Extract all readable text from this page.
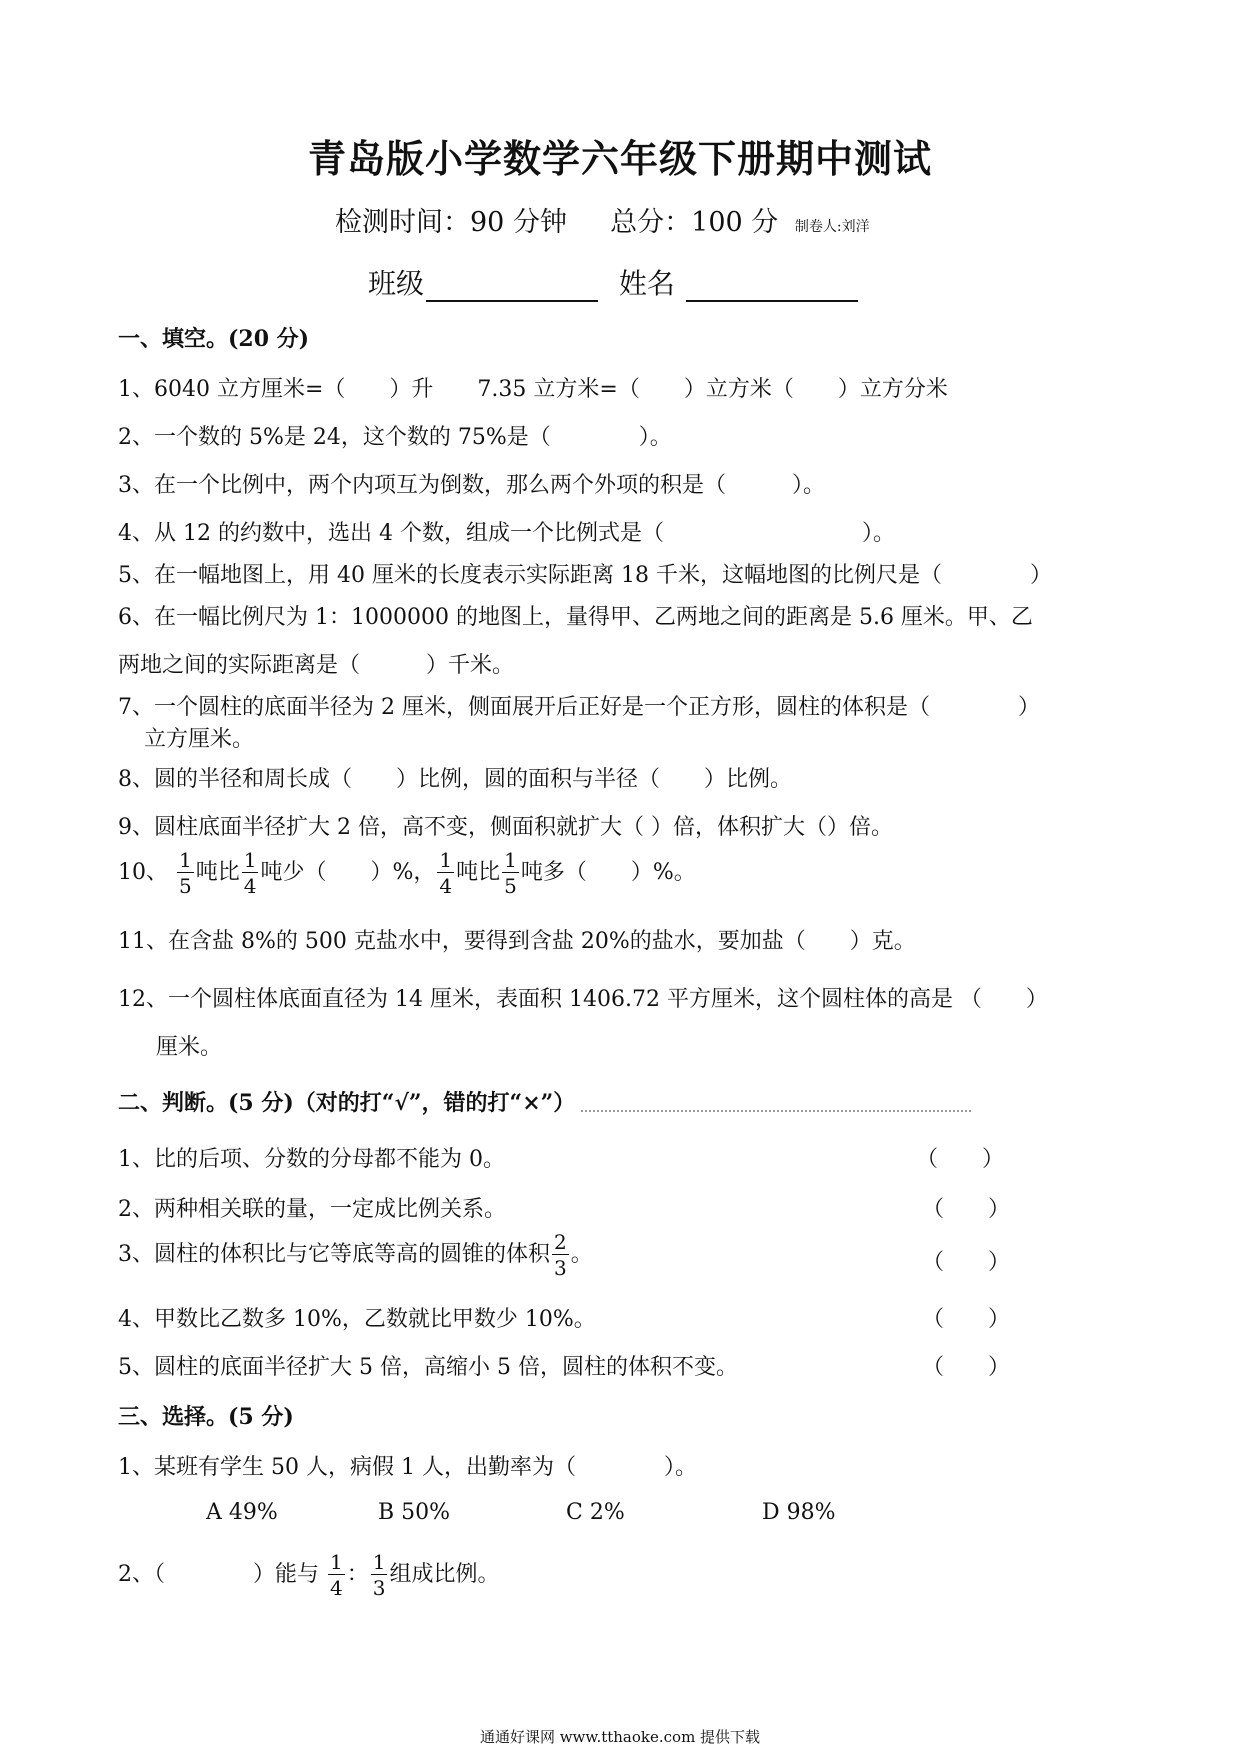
青岛版小学数学六年级下册期中测试
检测时间：90 分钟 总分：100 分 制卷人:刘洋
班级	姓名
一、填空。(20 分)
1、6040 立方厘米=（　　）升　　7.35 立方米=（　　）立方米（　　）立方分米
2、一个数的 5%是 24，这个数的 75%是（　　　　）。
3、在一个比例中，两个内项互为倒数，那么两个外项的积是（　　　）。
4、从 12 的约数中，选出 4 个数，组成一个比例式是（　　　　　　　　　）。
5、在一幅地图上，用 40 厘米的长度表示实际距离 18 千米，这幅地图的比例尺是（　　　　）
6、在一幅比例尺为 1：1000000 的地图上，量得甲、乙两地之间的距离是 5.6 厘米。甲、乙
两地之间的实际距离是（　　　）千米。
7、一个圆柱的底面半径为 2 厘米，侧面展开后正好是一个正方形，圆柱的体积是（　　　　）
立方厘米。
8、圆的半径和周长成（　　）比例，圆的面积与半径（　　）比例。
9、圆柱底面半径扩大 2 倍，高不变，侧面积就扩大（ ）倍，体积扩大（）倍。
10、 $\frac{1}{5}$ 吨比 $\frac{1}{4}$ 吨少（　　）%， $\frac{1}{4}$ 吨比 $\frac{1}{5}$ 吨多（　　）%。
11、在含盐 8%的 500 克盐水中，要得到含盐 20%的盐水，要加盐（　　）克。
12、一个圆柱体底面直径为 14 厘米，表面积 1406.72 平方厘米，这个圆柱体的高是 （　　）
厘米。
二、判断。(5 分)（对的打“√”，错的打“×”）
1、比的后项、分数的分母都不能为 0。	（　　）
2、两种相关联的量，一定成比例关系。	（　　）
3、圆柱的体积比与它等底等高的圆锥的体积 $\frac{2}{3}$ 。	（　　）
4、甲数比乙数多 10%，乙数就比甲数少 10%。	（　　）
5、圆柱的底面半径扩大 5 倍，高缩小 5 倍，圆柱的体积不变。	（　　）
三、选择。(5 分)
1、某班有学生 50 人，病假 1 人，出勤率为（　　　　）。
A 49%	B 50%	C 2%	D 98%
2、（　　　　）能与 $\frac{1}{4}$ ： $\frac{1}{3}$ 组成比例。
通通好课网 www.tthaoke.com 提供下载
